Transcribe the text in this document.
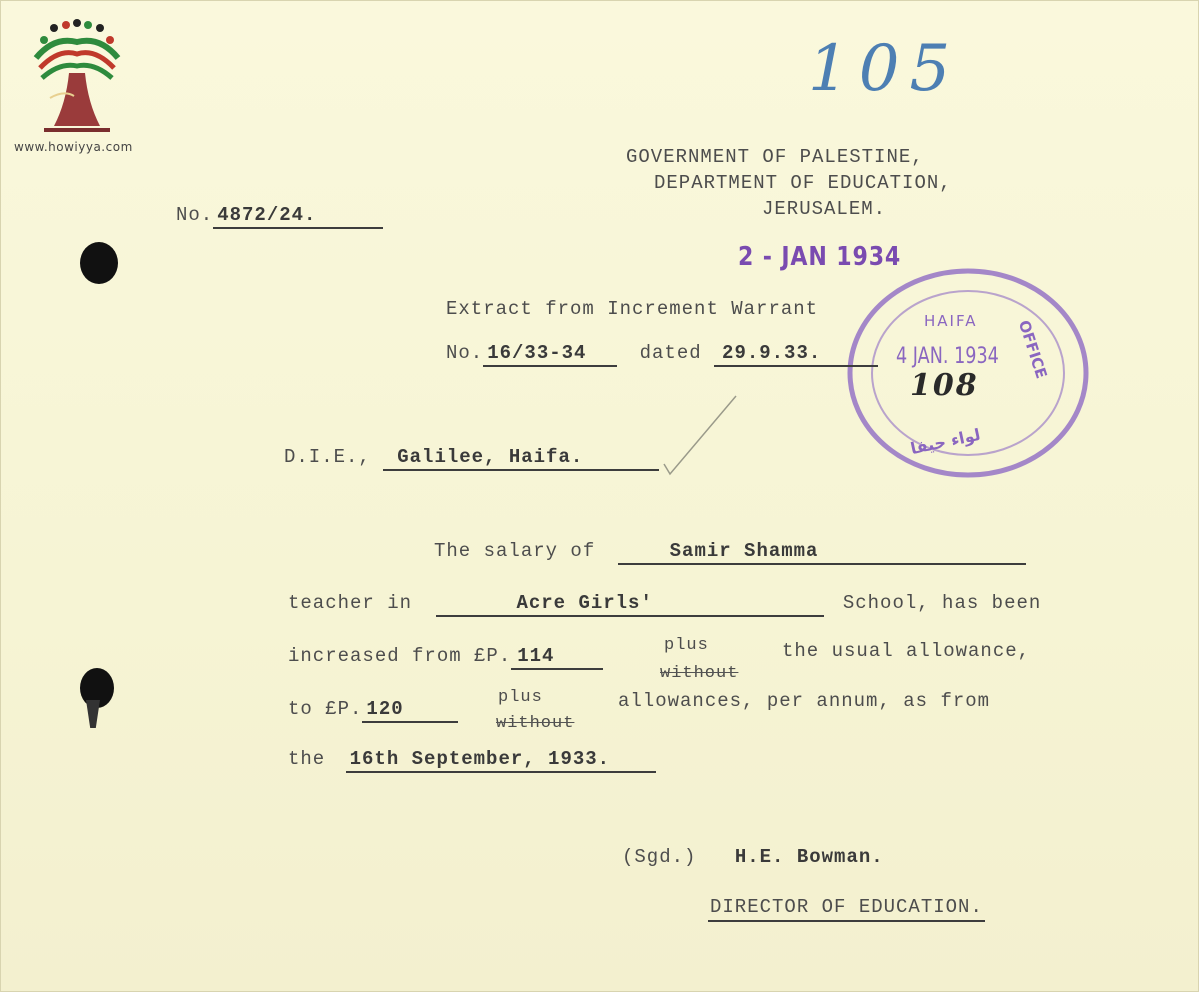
www.howiyya.com
105
GOVERNMENT OF PALESTINE,
DEPARTMENT OF EDUCATION,
JERUSALEM.
No. 4872/24.
2 - JAN 1934
HAIFA
4 JAN. 1934
108
OFFICE
لواء حيفا
Extract from Increment Warrant
No. 16/33-34	dated 29.9.33.
D.I.E., Galilee, Haifa.
The salary of	Samir Shamma
teacher in	Acre Girls'	School, has been
increased from £P. 114	plus
without
the usual allowance,
to £P. 120
plus
without
allowances, per annum, as from
the 16th September, 1933.
(Sgd.) H.E. Bowman.
DIRECTOR OF EDUCATION.
